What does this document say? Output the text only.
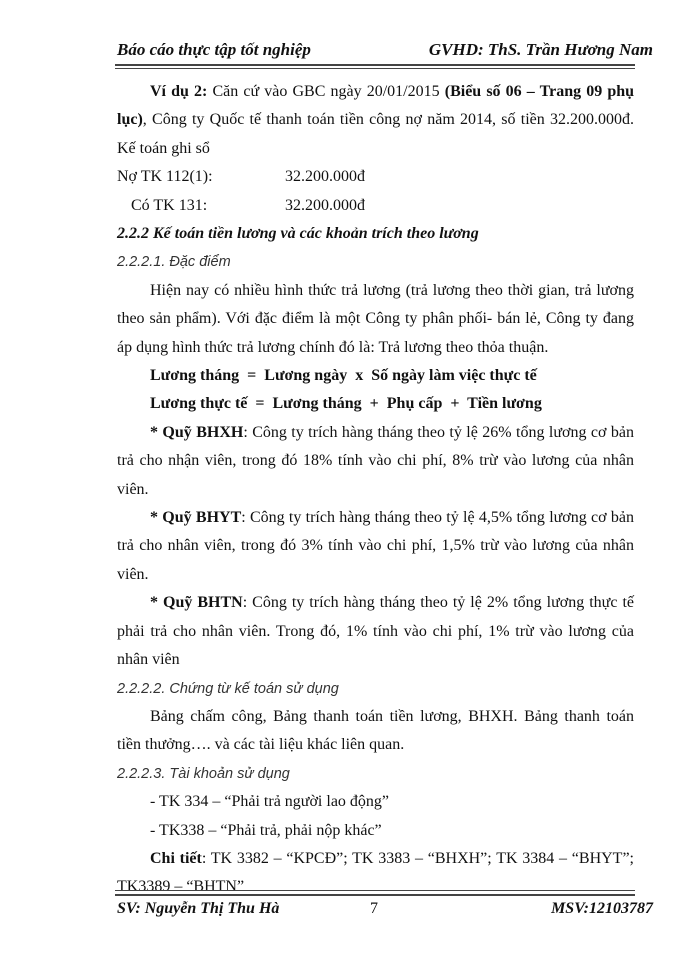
Báo cáo thực tập tốt nghiệp	GVHD: ThS. Trần Hương Nam

Ví dụ 2: Căn cứ vào GBC ngày 20/01/2015 (Biểu số 06 – Trang 09 phụ lục), Công ty Quốc tế thanh toán tiền công nợ năm 2014, số tiền 32.200.000đ. Kế toán ghi sổ

Nợ TK 112(1):	32.200.000đ
Có TK 131:	32.200.000đ

2.2.2 Kế toán tiền lương và các khoản trích theo lương

2.2.2.1. Đặc điểm

Hiện nay có nhiều hình thức trả lương (trả lương theo thời gian, trả lương theo sản phẩm). Với đặc điểm là một Công ty phân phối- bán lẻ, Công ty đang áp dụng hình thức trả lương chính đó là: Trả lương theo thỏa thuận.

Lương tháng  =  Lương ngày  x  Số ngày làm việc thực tế

Lương thực tế  =  Lương tháng  +  Phụ cấp  +  Tiền lương

* Quỹ BHXH: Công ty trích hàng tháng theo tỷ lệ 26% tổng lương cơ bản trả cho nhận viên, trong đó 18% tính vào chi phí, 8% trừ vào lương của nhân viên.

* Quỹ BHYT: Công ty trích hàng tháng theo tỷ lệ 4,5% tổng lương cơ bản trả cho nhân viên, trong đó 3% tính vào chi phí, 1,5% trừ vào lương của nhân viên.

* Quỹ BHTN: Công ty trích hàng tháng theo tỷ lệ 2% tổng lương thực tế phải trả cho nhân viên. Trong đó, 1% tính vào chi phí, 1% trừ vào lương của nhân viên

2.2.2.2. Chứng từ kế toán sử dụng

Bảng chấm công, Bảng thanh toán tiền lương, BHXH. Bảng thanh toán tiền thưởng…. và các tài liệu khác liên quan.

2.2.2.3. Tài khoản sử dụng

- TK 334 – “Phải trả người lao động”

- TK338 – “Phải trả, phải nộp khác”

Chi tiết: TK 3382 – “KPCĐ”; TK 3383 – “BHXH”; TK 3384 – “BHYT”; TK3389 – “BHTN”

SV: Nguyễn Thị Thu Hà	7	MSV:12103787
